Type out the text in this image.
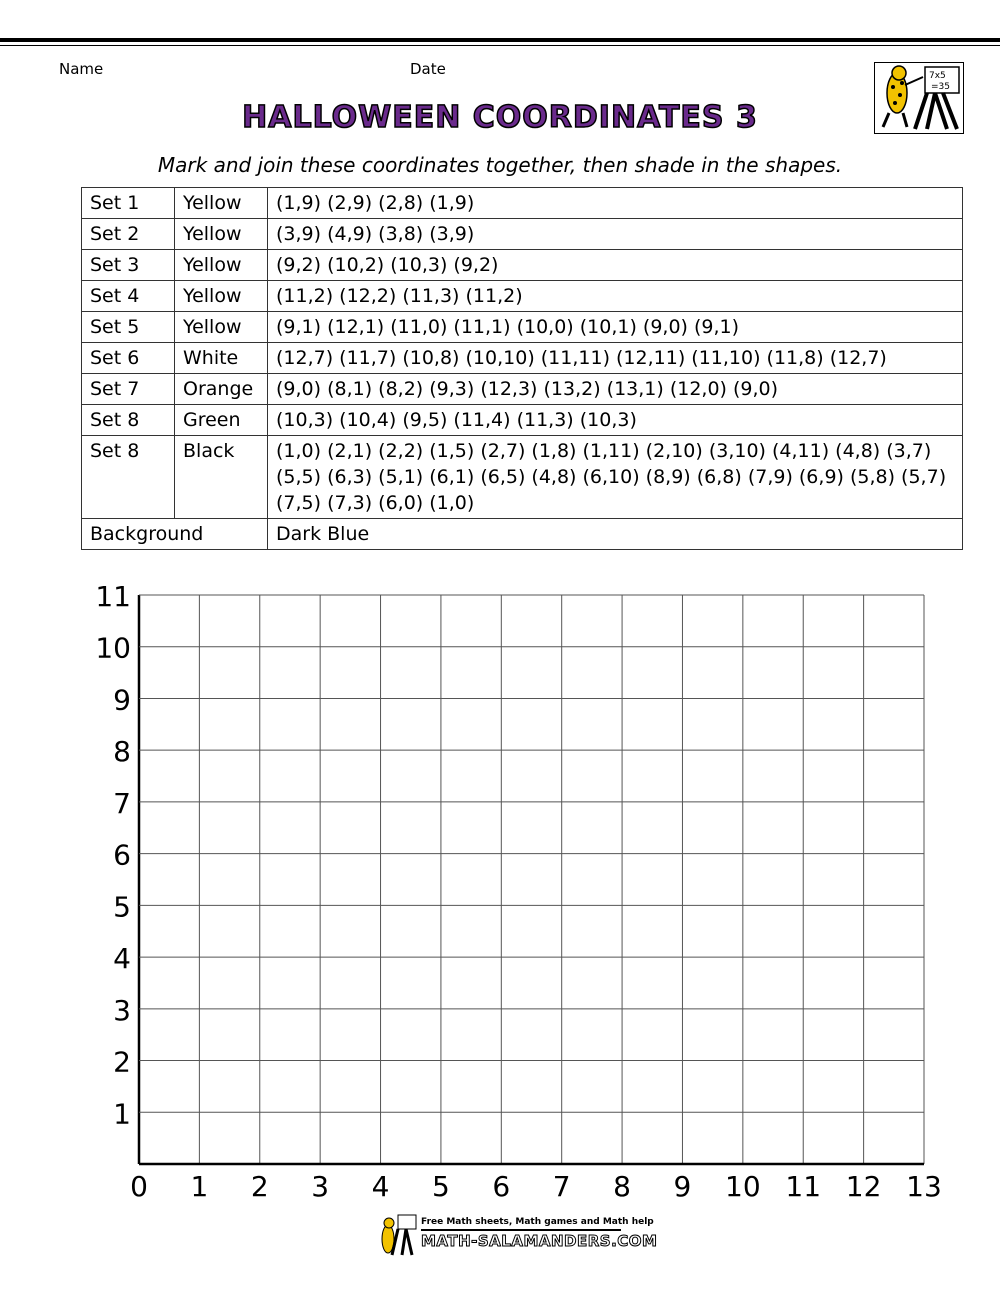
Name	Date	7x5
=35
HALLOWEEN COORDINATES 3
Mark and join these coordinates together, then shade in the shapes.
Set 1	Yellow	(1,9) (2,9) (2,8) (1,9)
Set 2	Yellow	(3,9) (4,9) (3,8) (3,9)
Set 3	Yellow	(9,2) (10,2) (10,3) (9,2)
Set 4	Yellow	(11,2) (12,2) (11,3) (11,2)
Set 5	Yellow	(9,1) (12,1) (11,0) (11,1) (10,0) (10,1) (9,0) (9,1)
Set 6	White	(12,7) (11,7) (10,8) (10,10) (11,11) (12,11) (11,10) (11,8) (12,7)
Set 7	Orange	(9,0) (8,1) (8,2) (9,3) (12,3) (13,2) (13,1) (12,0) (9,0)
Set 8	Green	(10,3) (10,4) (9,5) (11,4) (11,3) (10,3)
Set 8	Black	(1,0) (2,1) (2,2) (1,5) (2,7) (1,8) (1,11) (2,10) (3,10) (4,11) (4,8) (3,7) (5,5) (6,3) (5,1) (6,1) (6,5) (4,8) (6,10) (8,9) (6,8) (7,9) (6,9) (5,8) (5,7) (7,5) (7,3) (6,0) (1,0)
Background		Dark Blue
0 1 2 3 4 5 6 7 8 9 10 11 12 13
1
2
3
4
5
6
7
8
9
10
11
Free Math sheets, Math games and Math help
MATH-SALAMANDERS.COM
